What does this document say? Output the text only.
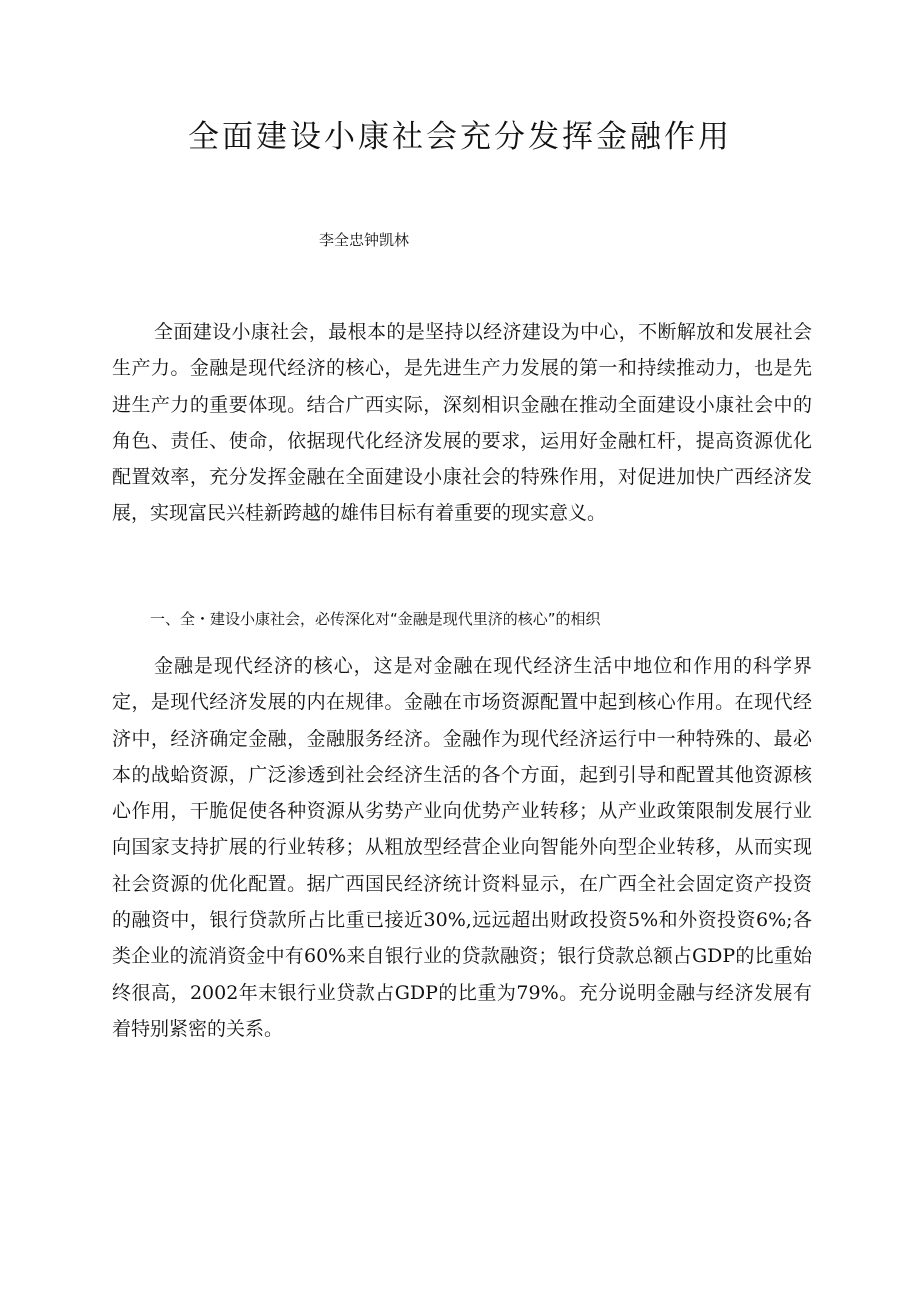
全面建设小康社会充分发挥金融作用

李全忠钟凯林

全面建设小康社会，最根本的是坚持以经济建设为中心，不断解放和发展社会生产力。金融是现代经济的核心，是先进生产力发展的第一和持续推动力，也是先进生产力的重要体现。结合广西实际，深刻相识金融在推动全面建设小康社会中的角色、责任、使命，依据现代化经济发展的要求，运用好金融杠杆，提高资源优化配置效率，充分发挥金融在全面建设小康社会的特殊作用，对促进加快广西经济发展，实现富民兴桂新跨越的雄伟目标有着重要的现实意义。

一、全・建设小康社会，必传深化对“金融是现代里济的核心”的相织

金融是现代经济的核心，这是对金融在现代经济生活中地位和作用的科学界定，是现代经济发展的内在规律。金融在市场资源配置中起到核心作用。在现代经济中，经济确定金融，金融服务经济。金融作为现代经济运行中一种特殊的、最必本的战蛤资源，广泛渗透到社会经济生活的各个方面，起到引导和配置其他资源核心作用，干脆促使各种资源从劣势产业向优势产业转移；从产业政策限制发展行业向国家支持扩展的行业转移；从粗放型经营企业向智能外向型企业转移，从而实现社会资源的优化配置。据广西国民经济统计资料显示，在广西全社会固定资产投资的融资中，银行贷款所占比重已接近30%,远远超出财政投资5%和外资投资6%;各类企业的流消资金中有60%来自银行业的贷款融资；银行贷款总额占GDP的比重始终很高，2002年末银行业贷款占GDP的比重为79%。充分说明金融与经济发展有着特别紧密的关系。
